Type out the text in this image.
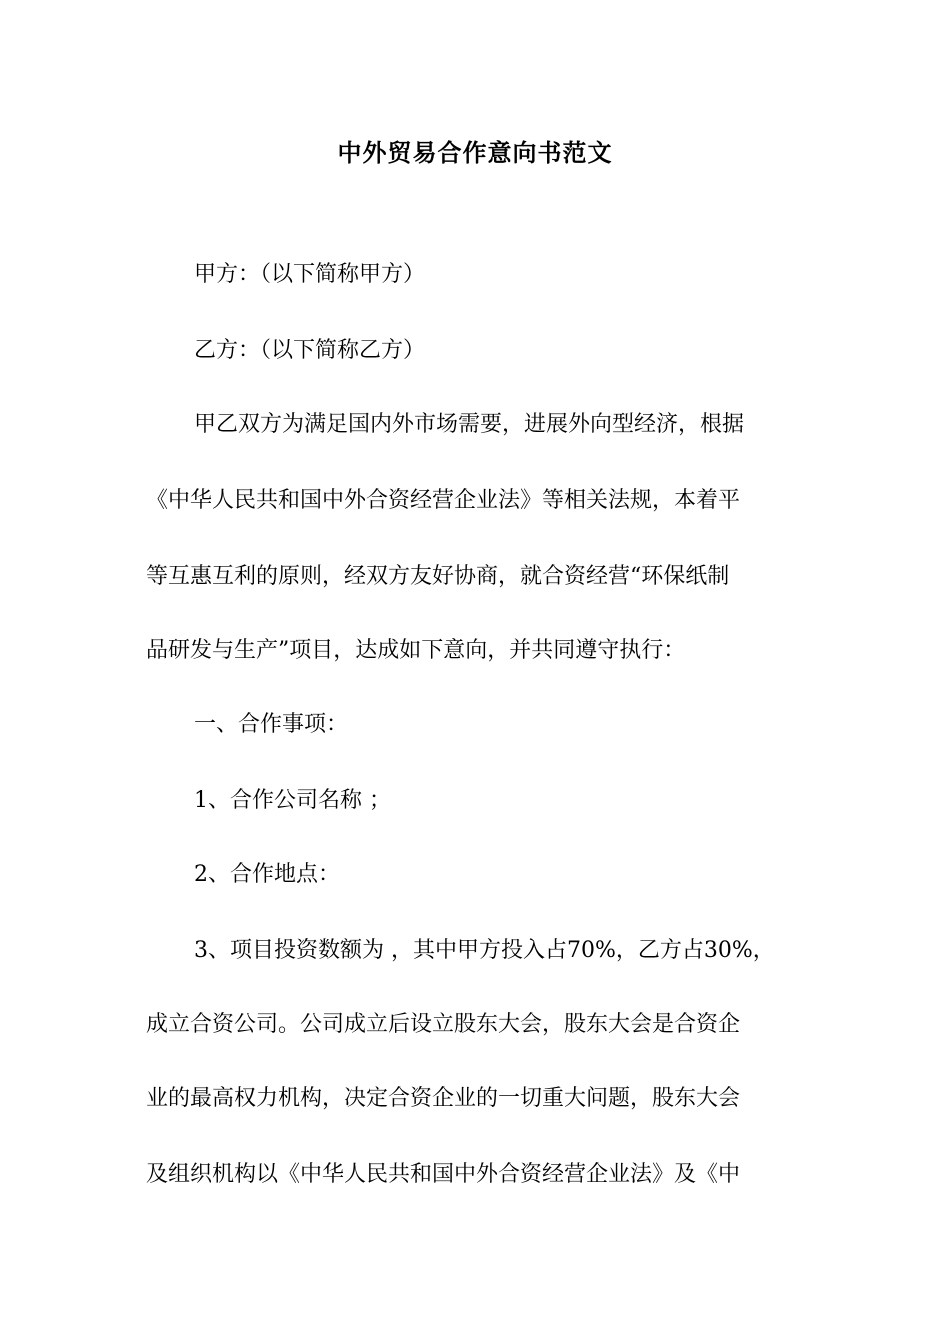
中外贸易合作意向书范文
甲方：（以下简称甲方）
乙方：（以下简称乙方）
甲乙双方为满足国内外市场需要，进展外向型经济，根据
《中华人民共和国中外合资经营企业法》等相关法规，本着平
等互惠互利的原则，经双方友好协商，就合资经营“环保纸制
品研发与生产”项目，达成如下意向，并共同遵守执行：
一、合作事项：
1、合作公司名称 ；
2、合作地点：
3、项目投资数额为 ，其中甲方投入占70%，乙方占30%，
成立合资公司。公司成立后设立股东大会，股东大会是合资企
业的最高权力机构，决定合资企业的一切重大问题，股东大会
及组织机构以《中华人民共和国中外合资经营企业法》及《中
